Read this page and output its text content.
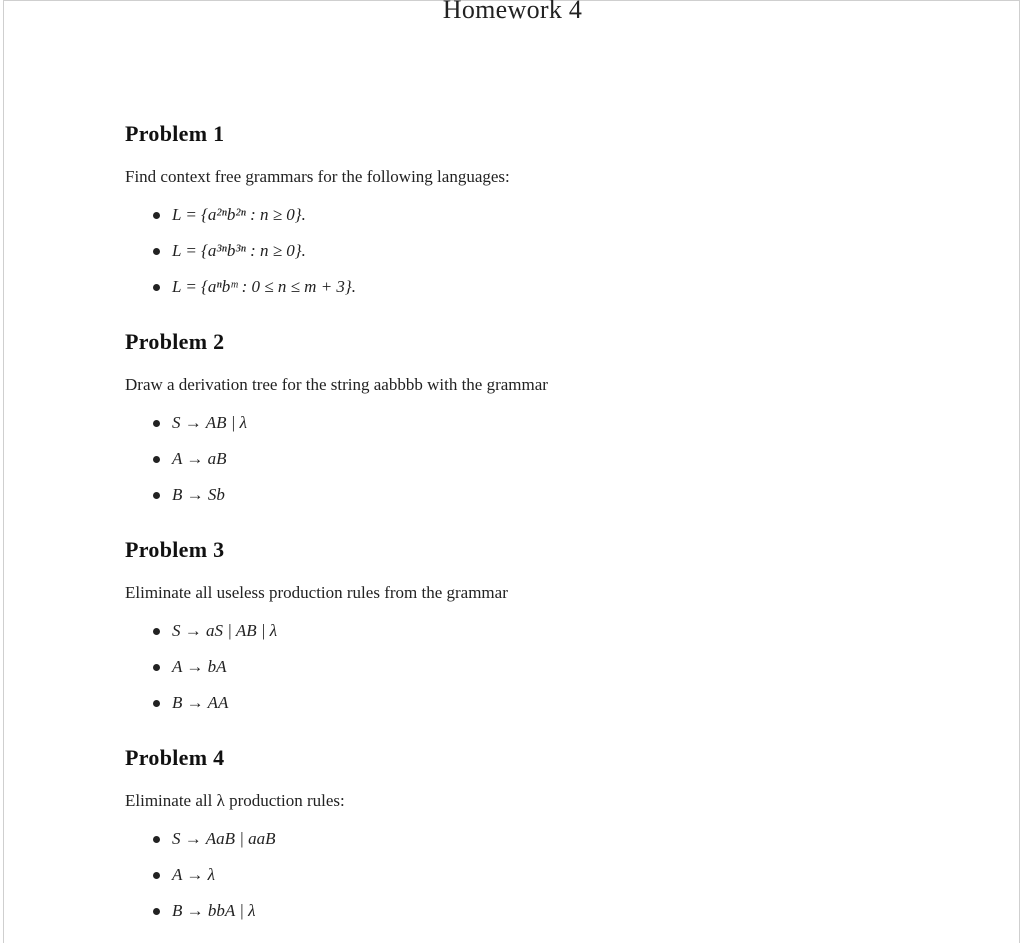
Homework 4
Problem 1

Find context free grammars for the following languages:

L = {a²ⁿb²ⁿ : n ≥ 0}.
L = {a³ⁿb³ⁿ : n ≥ 0}.
L = {aⁿbᵐ : 0 ≤ n ≤ m + 3}.
Problem 2

Draw a derivation tree for the string aabbbb with the grammar

S → AB | λ
A → aB
B → Sb
Problem 3

Eliminate all useless production rules from the grammar

S → aS | AB | λ
A → bA
B → AA
Problem 4

Eliminate all λ production rules:

S → AaB | aaB
A → λ
B → bbA | λ
